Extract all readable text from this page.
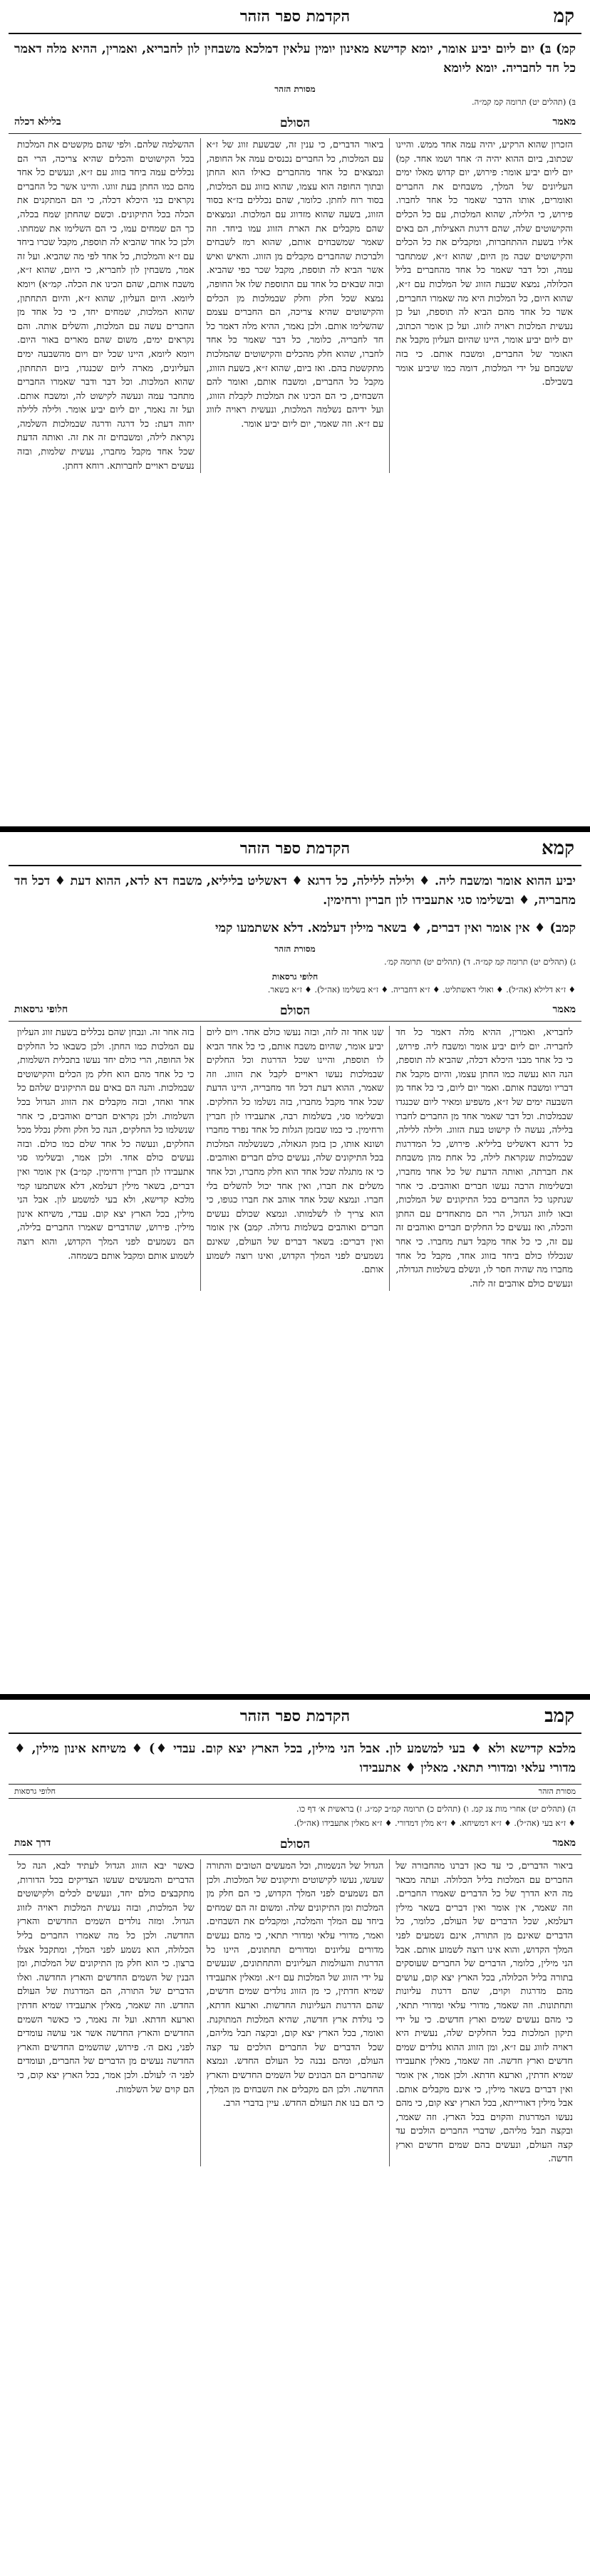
קמ
הקדמת ספר הזהר
קמ) בּ) יום ליום יביע אומר, יומא קדישא מאינון יומין עלאין דמלכא משבחין לון לחבריא, ואמרין, ההיא מלה דאמר כל חד לחבריה. יומא ליומא
מסורת הזהר
בּ) (תהלים יט) תרומה קמ קמ״ה.
מאמר
הסולם
בלילא דכלה
הזכרון שהוא הרקיע, יהיה עמה אחד ממש. והיינו שכתוב, ביום ההוא יהיה ה׳ אחד ושמו אחד. קמ) יום ליום יביע אומר: פירוש, יום קדוש מאלו ימים העליונים של המלך, משבחים את החברים ואומרים, אותו הדבר שאמר כל אחד לחברו. פירוש, כי הלילה, שהוא המלכות, עם כל הכלים והקישוטים שלה, שהם דרגות האצילות, הם באים אליו בשעת ההתחברות, ומקבלים את כל הכלים והקישוטים שבה מן היום, שהוא ז״א, שמתחבר עמה, וכל דבר שאמר כל אחד מהחברים בליל הכלולה, נמצא שבעת הזווג של המלכות עם ז״א, שהוא היום, כל המלכות היא מה שאמרו החברים, אשר כל אחד מהם הביא לה תוספת, ועל כן נעשית המלכות ראויה לזווג. ועל כן אומר הכתוב, יום ליום יביע אומר, היינו שהיום העליון מקבל את האומר של החברים, ומשבח אותם. כי בזה ששבחם על ידי המלכות, דומה כמו שיביע אומר בשבילם.
ביאור הדברים, כי ענין זה, שבשעת זווג של ז״א עם המלכות, כל החברים נכנסים עמה אל החופה, ונמצאים כל אחד מהחברים כאילו הוא החתן ובתוך החופה הוא עצמו, שהוא בזווג עם המלכות, בסוד רוח לחתן. כלומר, שהם נכללים בז״א בסוד הזווג, בשעה שהוא מזדווג עם המלכות. ונמצאים שהם מקבלים את הארת הזווג עמו ביחד. וזה שאמר שמשבחים אותם, שהוא רמז לשבחים ולברכות שהחברים מקבלים מן הזווג. והאיש ואיש אשר הביא לה תוספת, מקבל שכר כפי שהביא. ובזה שבאים כל אחד עם התוספת שלו אל החופה, נמצא שכל חלק וחלק שבמלכות מן הכלים והקישוטים שהיא צריכה, הם החברים עצמם שהשלימו אותם. ולכן נאמר, ההיא מלה דאמר כל חד לחבריה, כלומר, כל דבר שאמר כל אחד לחברו, שהוא חלק מהכלים והקישוטים שהמלכות מתקשטת בהם. ואז ביום, שהוא ז״א, בשעת הזווג, מקבל כל החברים, ומשבח אותם, ואומר להם השבחים, כי הם הכינו את המלכות לקבלת הזווג, ועל ידיהם נשלמה המלכות, ונעשית ראויה לזווג עם ז״א. וזה שאמר, יום ליום יביע אומר.
ההשלמה שלהם. ולפי שהם מקשטים את המלכות בכל הקישוטים והכלים שהיא צריכה, הרי הם נכללים עמה ביחד בזווג עם ז״א, ונעשים כל אחד מהם כמו החתן בעת זווגו. והיינו אשר כל החברים נקראים בני היכלא דכלה, כי הם המתקנים את הכלה בכל התיקונים. וכשם שהחתן שמח בכלה, כך הם שמחים עמו, כי הם השלימו את שמחתו. ולכן כל אחד שהביא לה תוספת, מקבל שכרו ביחד עם ז״א והמלכות, כל אחד לפי מה שהביא. ועל זה אמר, משבחין לון לחבריא, כי היום, שהוא ז״א, משבח אותם, שהם הכינו את הכלה. קמ״א) ויומא ליומא. היום העליון, שהוא ז״א, והיום התחתון, שהוא המלכות, שמחים יחד, כי כל אחד מן החברים עשה עם המלכות, והשלים אותה. והם נקראים ימים, משום שהם מארים באור היום. ויומא ליומא, היינו שכל יום ויום מהשבעה ימים העליונים, מארה ליום שכנגדו, ביום התחתון, שהוא המלכות. וכל דבר ודבר שאמרו החברים מתחבר עמה ונעשה לקישוט לה, ומשבח אותם. ועל זה נאמר, יום ליום יביע אומר. ולילה ללילה יחוה דעת: כל דרגה ודרגה שבמלכות השלמה, נקראת לילה, ומשבחים זה את זה. ואותה הדעת שכל אחד מקבל מחברו, נעשית שלמות, ובזה נעשים ראויים לחברותא. רוחא דחתן.
קמא
הקדמת ספר הזהר
יביע ההוא אומר ומשבח ליה. ♦ ולילה ללילה, כל דרגא ♦ דאשליט בליליא, משבח דא לדא, ההוא דעת ♦ דכל חד מחבריה, ♦ ובשלימו סגי אתעבידו לון חברין ורחימין.
קמב) ♦ אין אומר ואין דברים, ♦ בשאר מילין דעלמא. דלא אשתמעו קמי
מסורת הזהר
ג) (תהלים יט) תרומה קמ קמ״ה. ד) (תהלים יט) תרומה קמ׳.
חלופי גרסאות
♦ ז״א דלילא (אה״ל). ♦ ואולי דאשתליט. ♦ ז״א דחבריה. ♦ ז״א בשלימו (אה״ל). ♦ ז״א בשאר.
מאמר
הסולם
חלופי גרסאות
לחבריא, ואמרין, ההיא מלה דאמר כל חד לחבריה. יום ליום יביע אומר ומשבח ליה. פירוש, כי כל אחד מבני היכלא דכלה, שהביא לה תוספת, הנה הוא נעשה כמו החתן עצמו, והיום מקבל את דבריו ומשבח אותם. ואמר יום ליום, כי כל אחד מן השבעה ימים של ז״א, משפיע ומאיר ליום שכנגדו שבמלכות. וכל דבר שאמר אחד מן החברים לחברו בלילה, נעשה לו קישוט בעת הזווג. ולילה ללילה, כל דרגא דאשליט בליליא. פירוש, כל המדרגות שבמלכות שנקראת לילה, כל אחת מהן משבחת את חברתה, ואותה הדעת של כל אחד מחברו, ובשלימות הרבה נעשו חברים ואוהבים. כי אחר שנתקנו כל החברים בכל התיקונים של המלכות, ובאו לזווג הגדול, הרי הם מתאחדים עם החתן והכלה, ואז נעשים כל החלקים חברים ואוהבים זה עם זה, כי כל אחד מקבל דעת מחברו. כי אחר שנכללו כולם ביחד בזווג אחד, מקבל כל אחד מחברו מה שהיה חסר לו, ונשלם בשלמות הגדולה, ונעשים כולם אוהבים זה לזה.
שנו אחד זה לזה, ובזה נעשו כולם אחד. ויום ליום יביע אומר, שהיום משבח אותם, כי כל אחד הביא לו תוספת, והיינו שכל הדרגות וכל החלקים שבמלכות נעשו ראויים לקבל את הזווג. וזה שאמר, ההוא דעת דכל חד מחבריה, היינו הדעת שכל אחד מקבל מחברו, בזה נשלמו כל החלקים. ובשלימו סגי, בשלמות רבה, אתעבידו לון חברין ורחימין. כי כמו שבזמן הגלות כל אחד נפרד מחברו ושונא אותו, כן בזמן הגאולה, כשנשלמה המלכות בכל התיקונים שלה, נעשים כולם חברים ואוהבים. כי אז מתגלה שכל אחד הוא חלק מחברו, וכל אחד משלים את חברו, ואין אחד יכול להשלים בלי חברו. ונמצא שכל אחד אוהב את חברו כגופו, כי הוא צריך לו לשלמותו. ונמצא שכולם נעשים חברים ואוהבים בשלמות גדולה. קמב) אין אומר ואין דברים: בשאר דברים של העולם, שאינם נשמעים לפני המלך הקדוש, ואינו רוצה לשמוע אותם.
בזה אחר זה. ונבחן שהם נכללים בשעת זווג העליון עם המלכות כמו החתן. ולכן כשבאו כל החלקים אל החופה, הרי כולם יחד נעשו בתכלית השלמות, כי כל אחד מהם הוא חלק מן הכלים והקישוטים שבמלכות. והנה הם באים עם התיקונים שלהם כל אחד ואחד, ובזה מקבלים את הזווג הגדול בכל השלמות. ולכן נקראים חברים ואוהבים, כי אחר שנשלמו כל החלקים, הנה כל חלק וחלק נכלל מכל החלקים, ונעשה כל אחד שלם כמו כולם. ובזה נעשים כולם אחד. ולכן אמר, ובשלימו סגי אתעבידו לון חברין ורחימין. קמ״ב) אין אומר ואין דברים, בשאר מילין דעלמא, דלא אשתמעו קמי מלכא קדישא, ולא בעי למשמע לון. אבל הני מילין, בכל הארץ יצא קום. עבדי, משיחא אינון מילין. פירוש, שהדברים שאמרו החברים בלילה, הם נשמעים לפני המלך הקדוש, והוא רוצה לשמוע אותם ומקבל אותם בשמחה.
קמב
הקדמת ספר הזהר
מלכא קדישא ולא ♦ בעי למשמע לון. אבל הני מילין, בכל הארץ יצא קום. עבדי ♦) ♦ משיחא אינון מילין, ♦ מדורי עלאי ומדורי תתאי. מאלין ♦ אתעבידו
מסורת הזהר
חלופי גרסאות
ה) (תהלים יט) אחרי מות צג קמ. ו) (תהלים כ) תרומה קמ״ב קמ״ג. ז) בראשית א׳ דף כו.
♦ ז״א בעי (אה״ל). ♦ ז״א דמשיחא. ♦ ז״א מלין דמדורי. ♦ ז״א מאלין אתעבידו (אה״ל).
מאמר
הסולם
דרך אמת
ביאור הדברים, כי עד כאן דברנו מהחבורה של החברים עם המלכות בליל הכלולה. ועתה מבאר מה היא הדרך של כל הדברים שאמרו החברים. וזה שאמר, אין אומר ואין דברים בשאר מילין דעלמא, שכל הדברים של העולם, כלומר, כל הדברים שאינם מן התורה, אינם נשמעים לפני המלך הקדוש, והוא אינו רוצה לשמוע אותם. אבל הני מילין, כלומר, הדברים של החברים שעוסקים בתורה בליל הכלולה, בכל הארץ יצא קום, עושים מהם מדרגות וקוים, שהם דרגות עליונות ותחתונות. וזה שאמר, מדורי עלאי ומדורי תתאי, כי מהם נעשים שמים וארץ חדשים. כי על ידי תיקון המלכות בכל החלקים שלה, נעשית היא ראויה לזווג עם ז״א, ומן הזווג ההוא נולדים שמים חדשים וארץ חדשה. וזה שאמר, מאלין אתעבידו שמיא חדתין, וארעא חדתא. ולכן אמר, אין אומר ואין דברים בשאר מילין, כי אינם מקבלים אותם. אבל מילין דאורייתא, בכל הארץ יצא קום, כי מהם נעשו המדרגות והקוים בכל הארץ. וזה שאמר, ובקצה תבל מליהם, שדברי החברים הולכים עד קצה העולם, ונעשים בהם שמים חדשים וארץ חדשה.
הגדול של הנשמות, וכל המעשים הטובים והתורה שעשו, נעשו לקישוטים ותיקונים של המלכות. ולכן הם נשמעים לפני המלך הקדוש, כי הם חלק מן המלכות ומן התיקונים שלה. ומשום זה הם שמחים ביחד עם המלך והמלכה, ומקבלים את השבחים. ואמר, מדורי עלאי ומדורי תתאי, כי מהם נעשים מדורים עליונים ומדורים תחתונים, היינו כל הדרגות והעולמות העליונים והתחתונים, שנעשים על ידי הזווג של המלכות עם ז״א. ומאלין אתעבידו שמיא חדתין, כי מן הזווג נולדים שמים חדשים, שהם הדרגות העליונות החדשות. וארעא חדתא, כי נולדת ארץ חדשה, שהיא המלכות המתוקנת. ואומר, בכל הארץ יצא קום, ובקצה תבל מליהם, שכל הדברים של החברים הולכים עד קצה העולם, ומהם נבנה כל העולם החדש. ונמצא שהחברים הם הבונים של השמים החדשים והארץ החדשה. ולכן הם מקבלים את השבחים מן המלך, כי הם בנו את העולם החדש. עיין בדברי הרב.
כאשר יבא הזווג הגדול לעתיד לבא, הנה כל הדברים והמעשים שעשו הצדיקים בכל הדורות, מתקבצים כולם יחד, ונעשים לכלים ולקישוטים של המלכות, ובזה נעשית המלכות ראויה לזווג הגדול. ומזה נולדים השמים החדשים והארץ החדשה. ולכן כל מה שאמרו החברים בליל הכלולה, הוא נשמע לפני המלך, ומתקבל אצלו ברצון. כי הוא חלק מן התיקונים של המלכות, ומן הבנין של השמים החדשים והארץ החדשה. ואלו הדברים של התורה, הם המדרגות של העולם החדש. וזה שאמר, מאלין אתעבידו שמיא חדתין וארעא חדתא. ועל זה נאמר, כי כאשר השמים החדשים והארץ החדשה אשר אני עושה עומדים לפני, נאם ה׳. פירוש, שהשמים החדשים והארץ החדשה נעשים מן הדברים של החברים, ועומדים לפני ה׳ לעולם. ולכן אמר, בכל הארץ יצא קום, כי הם קוים של השלמות.
